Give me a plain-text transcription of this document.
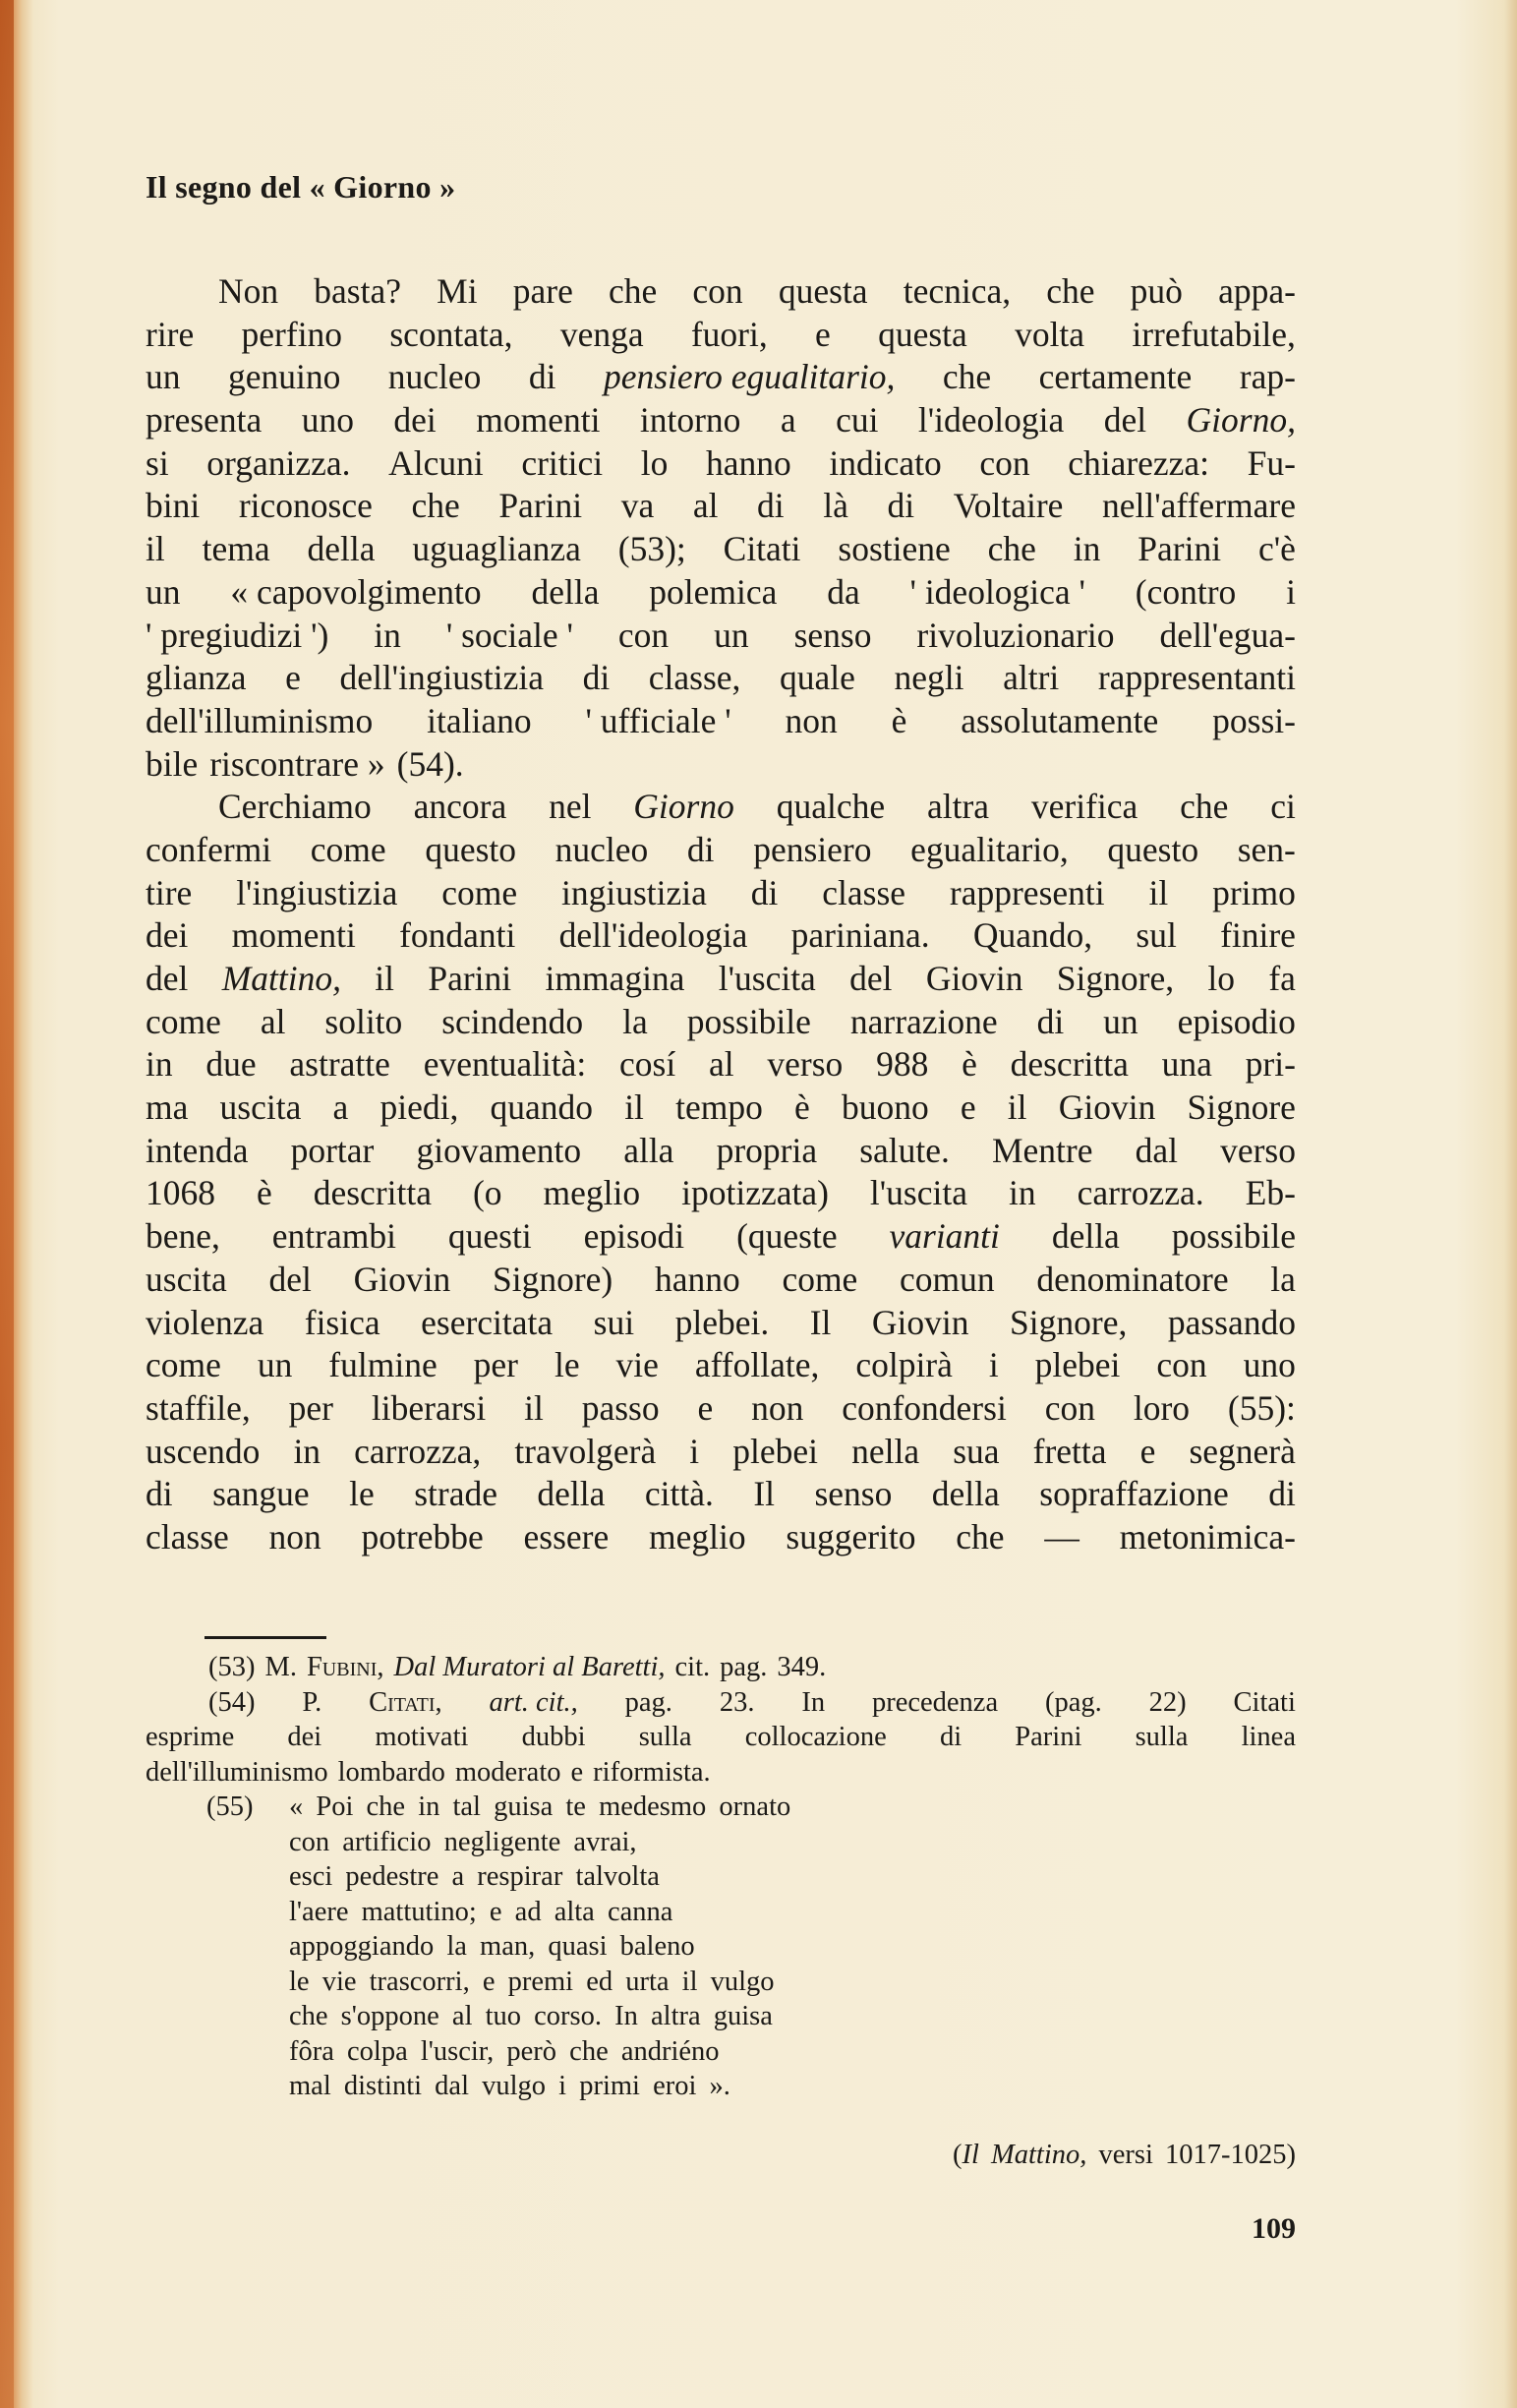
Il segno del « Giorno »
Non basta? Mi pare che con questa tecnica, che può appa-
rire perfino scontata, venga fuori, e questa volta irrefutabile,
un genuino nucleo di pensiero egualitario, che certamente rap-
presenta uno dei momenti intorno a cui l'ideologia del Giorno,
si organizza. Alcuni critici lo hanno indicato con chiarezza: Fu-
bini riconosce che Parini va al di là di Voltaire nell'affermare
il tema della uguaglianza (53); Citati sostiene che in Parini c'è
un « capovolgimento della polemica da ' ideologica ' (contro i
' pregiudizi ') in ' sociale ' con un senso rivoluzionario dell'egua-
glianza e dell'ingiustizia di classe, quale negli altri rappresentanti
dell'illuminismo italiano ' ufficiale ' non è assolutamente possi-
bile riscontrare » (54).
Cerchiamo ancora nel Giorno qualche altra verifica che ci
confermi come questo nucleo di pensiero egualitario, questo sen-
tire l'ingiustizia come ingiustizia di classe rappresenti il primo
dei momenti fondanti dell'ideologia pariniana. Quando, sul finire
del Mattino, il Parini immagina l'uscita del Giovin Signore, lo fa
come al solito scindendo la possibile narrazione di un episodio
in due astratte eventualità: cosí al verso 988 è descritta una pri-
ma uscita a piedi, quando il tempo è buono e il Giovin Signore
intenda portar giovamento alla propria salute. Mentre dal verso
1068 è descritta (o meglio ipotizzata) l'uscita in carrozza. Eb-
bene, entrambi questi episodi (queste varianti della possibile
uscita del Giovin Signore) hanno come comun denominatore la
violenza fisica esercitata sui plebei. Il Giovin Signore, passando
come un fulmine per le vie affollate, colpirà i plebei con uno
staffile, per liberarsi il passo e non confondersi con loro (55):
uscendo in carrozza, travolgerà i plebei nella sua fretta e segnerà
di sangue le strade della città. Il senso della sopraffazione di
classe non potrebbe essere meglio suggerito che — metonimica-
(53) M. Fubini, Dal Muratori al Baretti, cit. pag. 349.
(54) P. Citati, art. cit., pag. 23. In precedenza (pag. 22) Citati
esprime dei motivati dubbi sulla collocazione di Parini sulla linea
dell'illuminismo lombardo moderato e riformista.
(55) « Poi che in tal guisa te medesmo ornato
con artificio negligente avrai,
esci pedestre a respirar talvolta
l'aere mattutino; e ad alta canna
appoggiando la man, quasi baleno
le vie trascorri, e premi ed urta il vulgo
che s'oppone al tuo corso. In altra guisa
fôra colpa l'uscir, però che andriéno
mal distinti dal vulgo i primi eroi ».
(Il Mattino, versi 1017-1025)
109
